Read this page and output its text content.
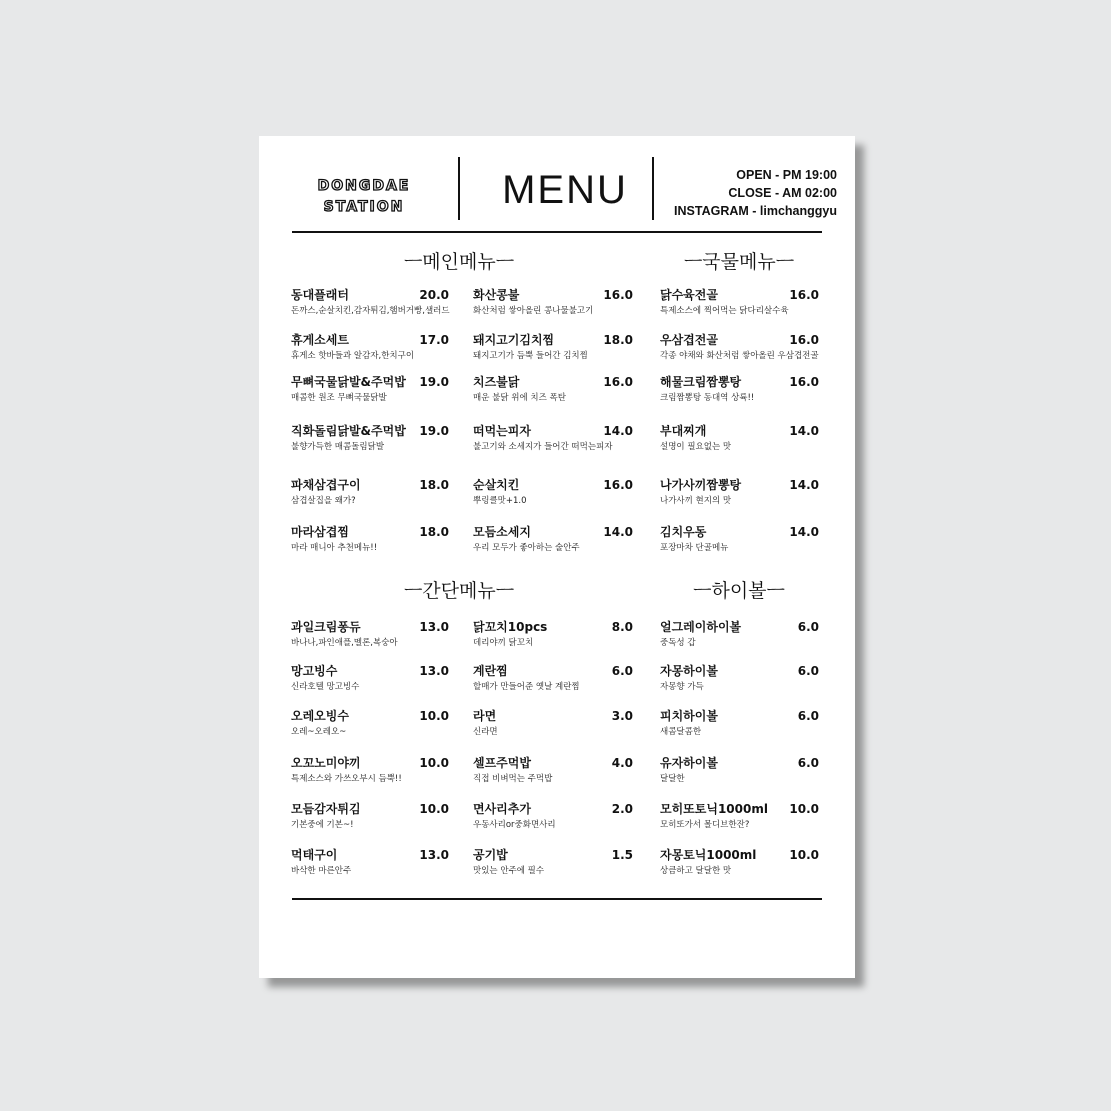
DONGDAE
STATION	MENU	OPEN - PM 19:00
CLOSE - AM 02:00
INSTAGRAM - limchanggyu
ㅡ메인메뉴ㅡ	ㅡ국물메뉴ㅡ
ㅡ간단메뉴ㅡ	ㅡ하이볼ㅡ
동대플래터	20.0
돈까스,순살치킨,감자튀김,햄버거빵,샐러드
휴게소세트	17.0
휴게소 핫바들과 알감자,한치구이
무뼈국물닭발&주먹밥 19.0
매콤한 원조 무뼈국물닭발
직화돌림닭발&주먹밥 19.0
불향가득한 매콤돌림닭발
파채삼겹구이	18.0
삼겹살집을 왜가?
마라삼겹찜	18.0
마라 매니아 추천메뉴!!
화산콩불	16.0
화산처럼 쌓아올린 콩나물불고기
돼지고기김치찜	18.0
돼지고기가 듬뿍 들어간 김치찜
치즈불닭	16.0
매운 불닭 위에 치즈 폭탄
떠먹는피자	14.0
불고기와 소세지가 들어간 떠먹는피자
순살치킨	16.0
뿌링클맛+1.0
모듬소세지	14.0
우리 모두가 좋아하는 술안주
닭수육전골	16.0
특제소스에 찍어먹는 닭다리살수육
우삼겹전골	16.0
각종 야채와 화산처럼 쌓아올린 우삼겹전골
해물크림짬뽕탕	16.0
크림짬뽕탕 동대역 상륙!!
부대찌개	14.0
설명이 필요없는 맛
나가사끼짬뽕탕	14.0
나가사끼 현지의 맛
김치우동	14.0
포장마차 단골메뉴
과일크림퐁듀	13.0
바나나,파인애플,멜론,복숭아
망고빙수	13.0
신라호텔 망고빙수
오레오빙수	10.0
오레~오레오~
오꼬노미야끼	10.0
특제소스와 가쓰오부시 듬뿍!!
모듬감자튀김	10.0
기본중에 기본~!
먹태구이	13.0
바삭한 마른안주
닭꼬치10pcs	8.0
데리야끼 닭꼬치
계란찜	6.0
할매가 만들어준 옛날 계란찜
라면	3.0
신라면
셀프주먹밥	4.0
직접 비벼먹는 주먹밥
면사리추가	2.0
우동사리or중화면사리
공기밥	1.5
맛있는 안주에 필수
얼그레이하이볼	6.0
중독성 갑
자몽하이볼	6.0
자몽향 가득
피치하이볼	6.0
새콤달콤한
유자하이볼	6.0
달달한
모히또토닉1000ml 10.0
모히또가서 몰디브한잔?
자몽토닉1000ml	10.0
상큼하고 달달한 맛
